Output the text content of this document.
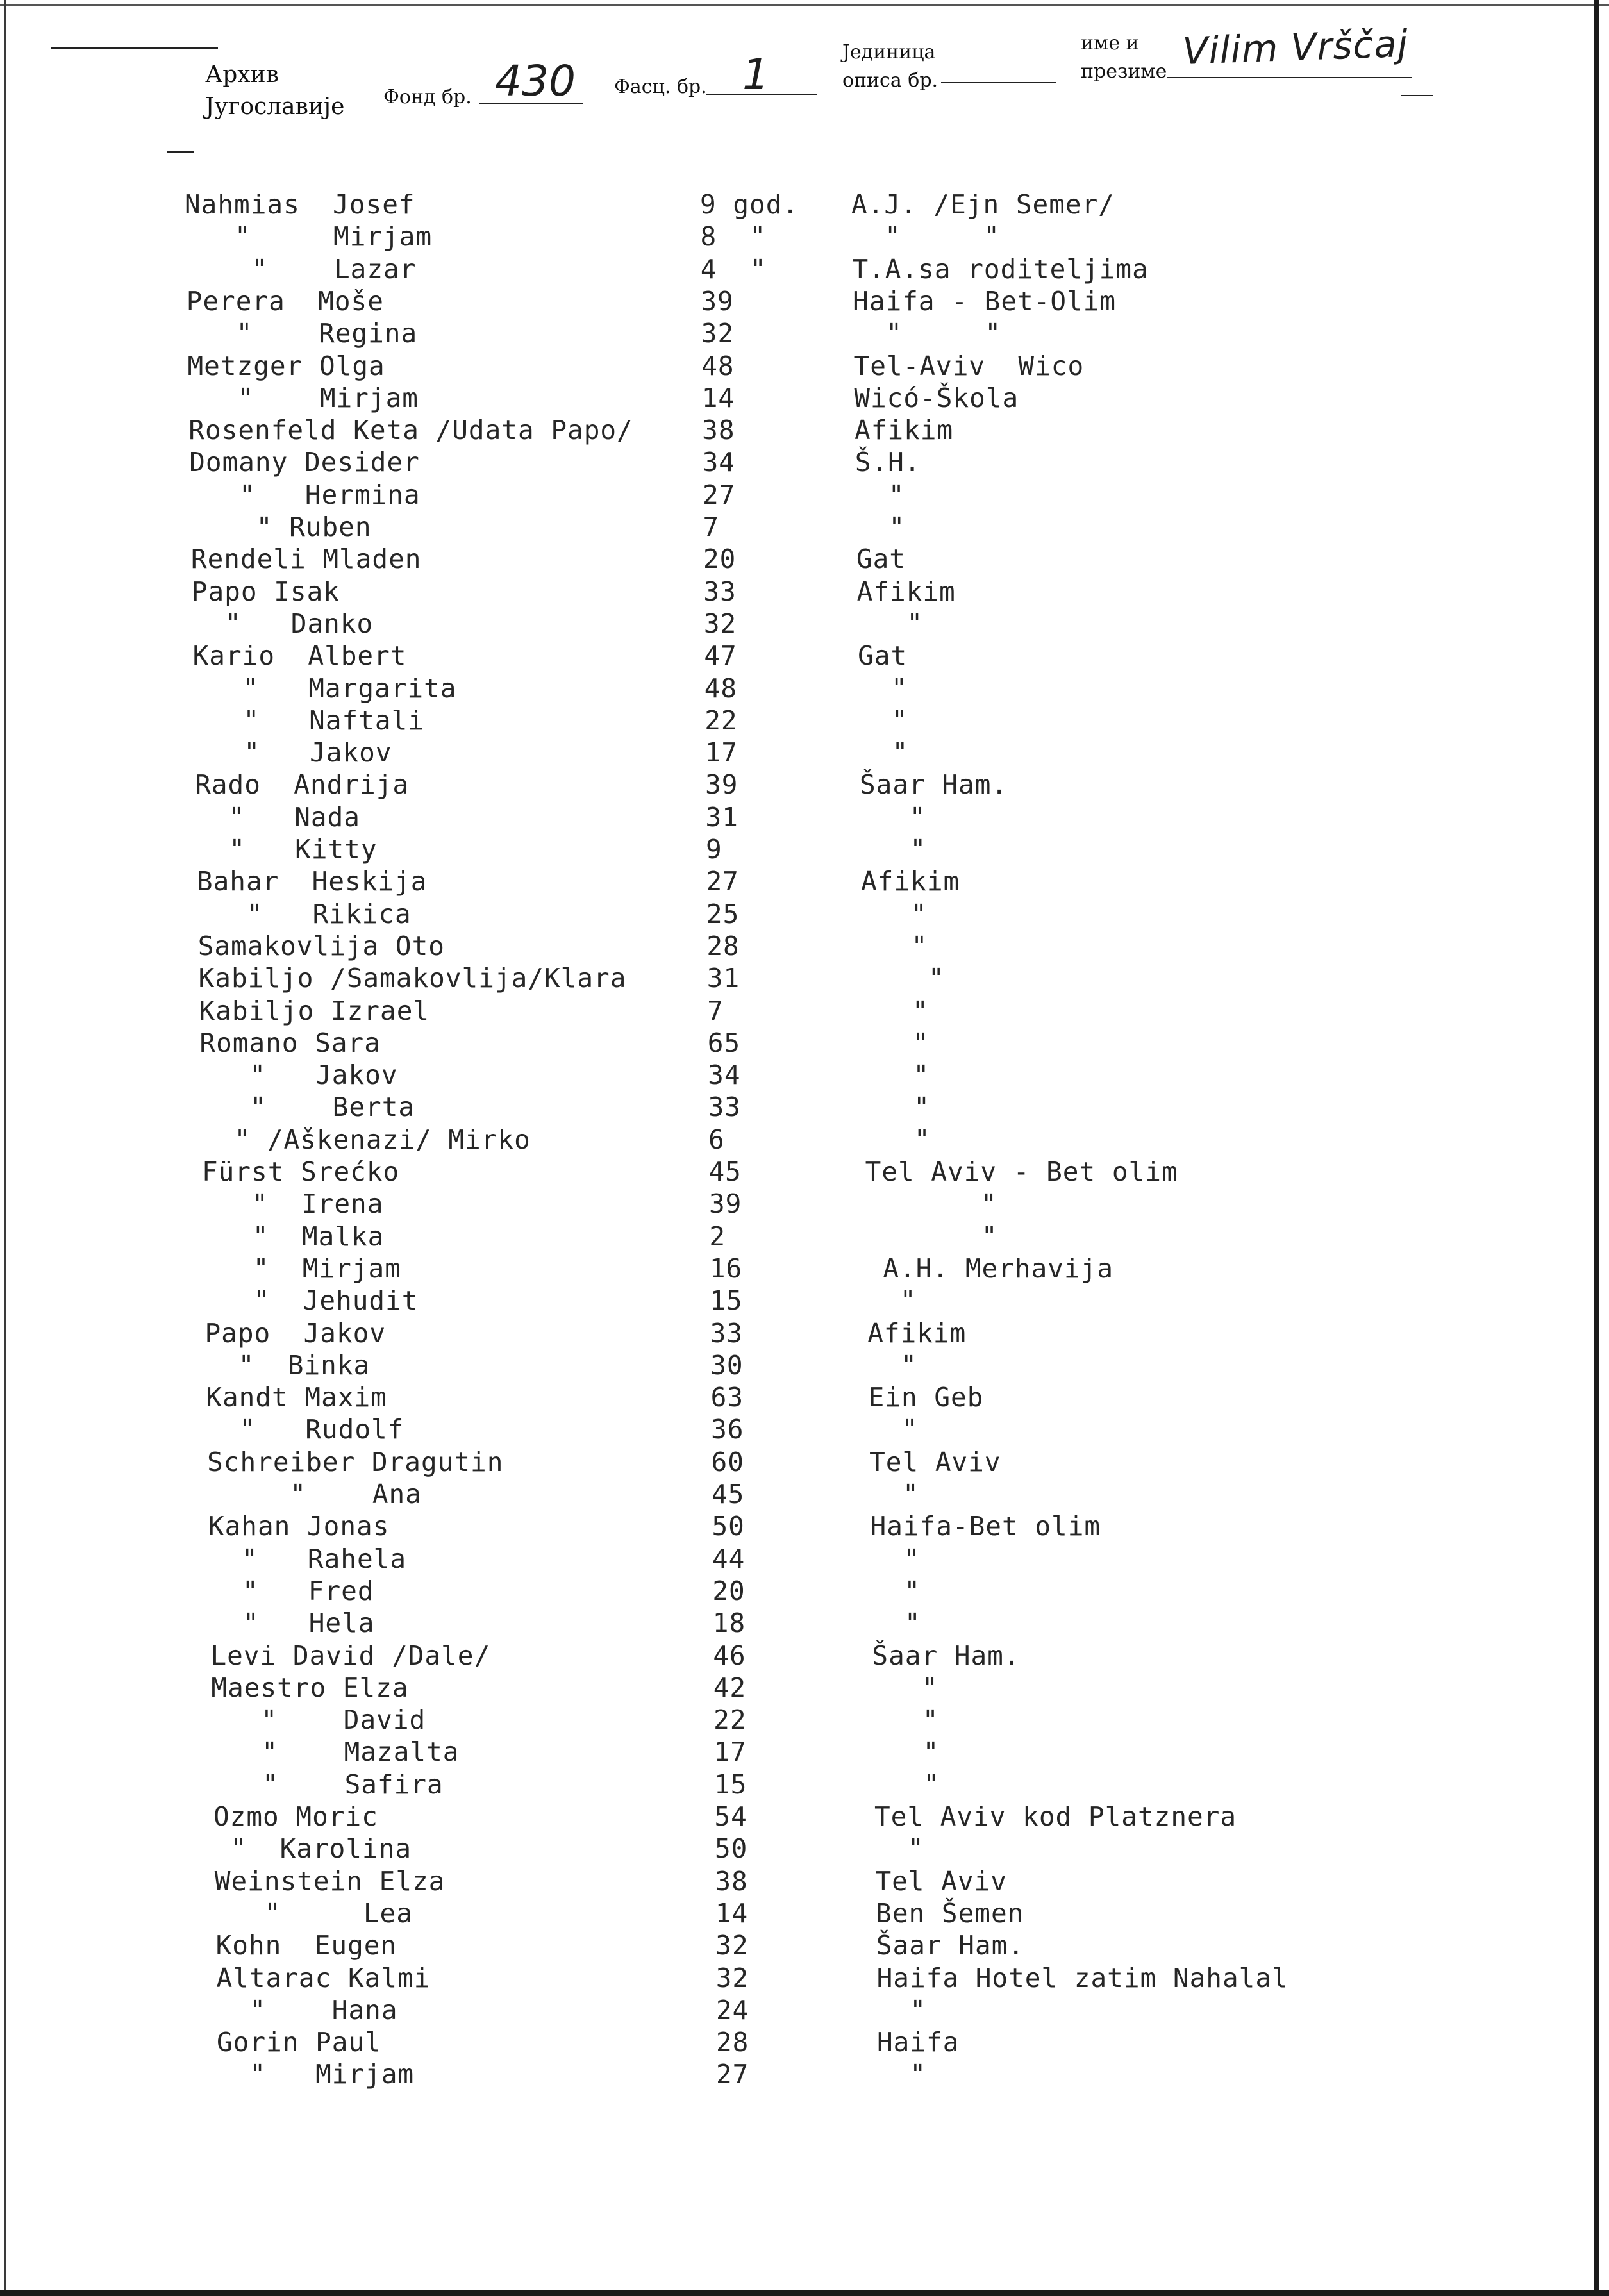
Архив
Југославије Фонд бр. 430 Фасц. бр. 1	Јединица
описа бр.
име и
презиме Vilim Vrščaj
Nahmias  Josef	9 god. A.J. /Ejn Semer/
"     Mirjam	8  "	"     "
"    Lazar	4  "	T.A.sa roditeljima
Perera  Moše	39	Haifa - Bet-Olim
"    Regina	32	"     "
Metzger Olga	48	Tel-Aviv  Wico
"    Mirjam	14	Wicó-Škola
Rosenfeld Keta /Udata Papo/	38	Afikim
Domany Desider	34	Š.H.
"   Hermina	27	"
" Ruben	7	"
Rendeli Mladen	20	Gat
Papo Isak	33	Afikim
"   Danko	32	"
Kario  Albert	47	Gat
"   Margarita	48	"
"   Naftali	22	"
"   Jakov	17	"
Rado  Andrija	39	Šaar Ham.
"   Nada	31	"
"   Kitty	9	"
Bahar  Heskija	27	Afikim
"   Rikica	25	"
Samakovlija Oto	28	"
Kabiljo /Samakovlija/Klara	31	"
Kabiljo Izrael	7	"
Romano Sara	65	"
"   Jakov	34	"
"    Berta	33	"
" /Aškenazi/ Mirko	6	"
Fürst Srećko	45	Tel Aviv - Bet olim
"  Irena	39	"
"  Malka	2	"
"  Mirjam	16	A.H. Merhavija
"  Jehudit	15	"
Papo  Jakov	33	Afikim
"  Binka	30	"
Kandt Maxim	63	Ein Geb
"   Rudolf	36	"
Schreiber Dragutin	60	Tel Aviv
"    Ana	45	"
Kahan Jonas	50	Haifa-Bet olim
"   Rahela	44	"
"   Fred	20	"
"   Hela	18	"
Levi David /Dale/	46	Šaar Ham.
Maestro Elza	42	"
"    David	22	"
"    Mazalta	17	"
"    Safira	15	"
Ozmo Moric	54	Tel Aviv kod Platznera
"  Karolina	50	"
Weinstein Elza	38	Tel Aviv
"     Lea	14	Ben Šemen
Kohn  Eugen	32	Šaar Ham.
Altarac Kalmi	32	Haifa Hotel zatim Nahalal
"    Hana	24	"
Gorin Paul	28	Haifa
"   Mirjam	27	"
